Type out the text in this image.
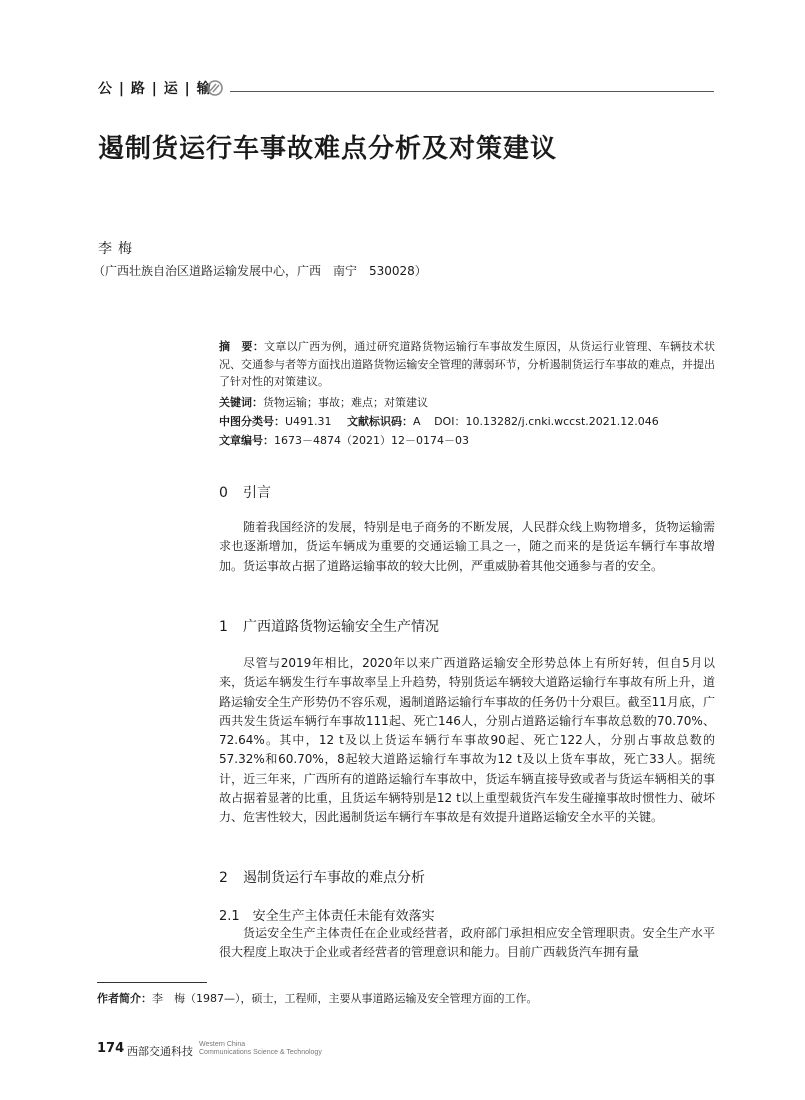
公 | 路 | 运 | 输
遏制货运行车事故难点分析及对策建议
李梅
（广西壮族自治区道路运输发展中心，广西　南宁　530028）
摘　要：文章以广西为例，通过研究道路货物运输行车事故发生原因，从货运行业管理、车辆技术状况、交通参与者等方面找出道路货物运输安全管理的薄弱环节，分析遏制货运行车事故的难点，并提出了针对性的对策建议。
关键词：货物运输；事故；难点；对策建议
中图分类号：U491.31 文献标识码：A DOI：10.13282/j.cnki.wccst.2021.12.046
文章编号：1673－4874（2021）12－0174－03
0 引言

随着我国经济的发展，特别是电子商务的不断发展，人民群众线上购物增多，货物运输需求也逐渐增加，货运车辆成为重要的交通运输工具之一，随之而来的是货运车辆行车事故增加。货运事故占据了道路运输事故的较大比例，严重威胁着其他交通参与者的安全。

1 广西道路货物运输安全生产情况

尽管与2019年相比，2020年以来广西道路运输安全形势总体上有所好转，但自5月以来，货运车辆发生行车事故率呈上升趋势，特别货运车辆较大道路运输行车事故有所上升，道路运输安全生产形势仍不容乐观，遏制道路运输行车事故的任务仍十分艰巨。截至11月底，广西共发生货运车辆行车事故111起、死亡146人，分别占道路运输行车事故总数的70.70%、72.64%。其中，12 t及以上货运车辆行车事故90起、死亡122人，分别占事故总数的57.32%和60.70%，8起较大道路运输行车事故为12 t及以上货车事故，死亡33人。据统计，近三年来，广西所有的道路运输行车事故中，货运车辆直接导致或者与货运车辆相关的事故占据着显著的比重，且货运车辆特别是12 t以上重型载货汽车发生碰撞事故时惯性力、破坏力、危害性较大，因此遏制货运车辆行车事故是有效提升道路运输安全水平的关键。

2 遏制货运行车事故的难点分析
2.1　安全生产主体责任未能有效落实

货运安全生产主体责任在企业或经营者，政府部门承担相应安全管理职责。安全生产水平很大程度上取决于企业或者经营者的管理意识和能力。目前广西载货汽车拥有量

作者简介：李　梅（1987—），硕士，工程师，主要从事道路运输及安全管理方面的工作。
174 西部交通科技
Western China
Communications Science & Technology
